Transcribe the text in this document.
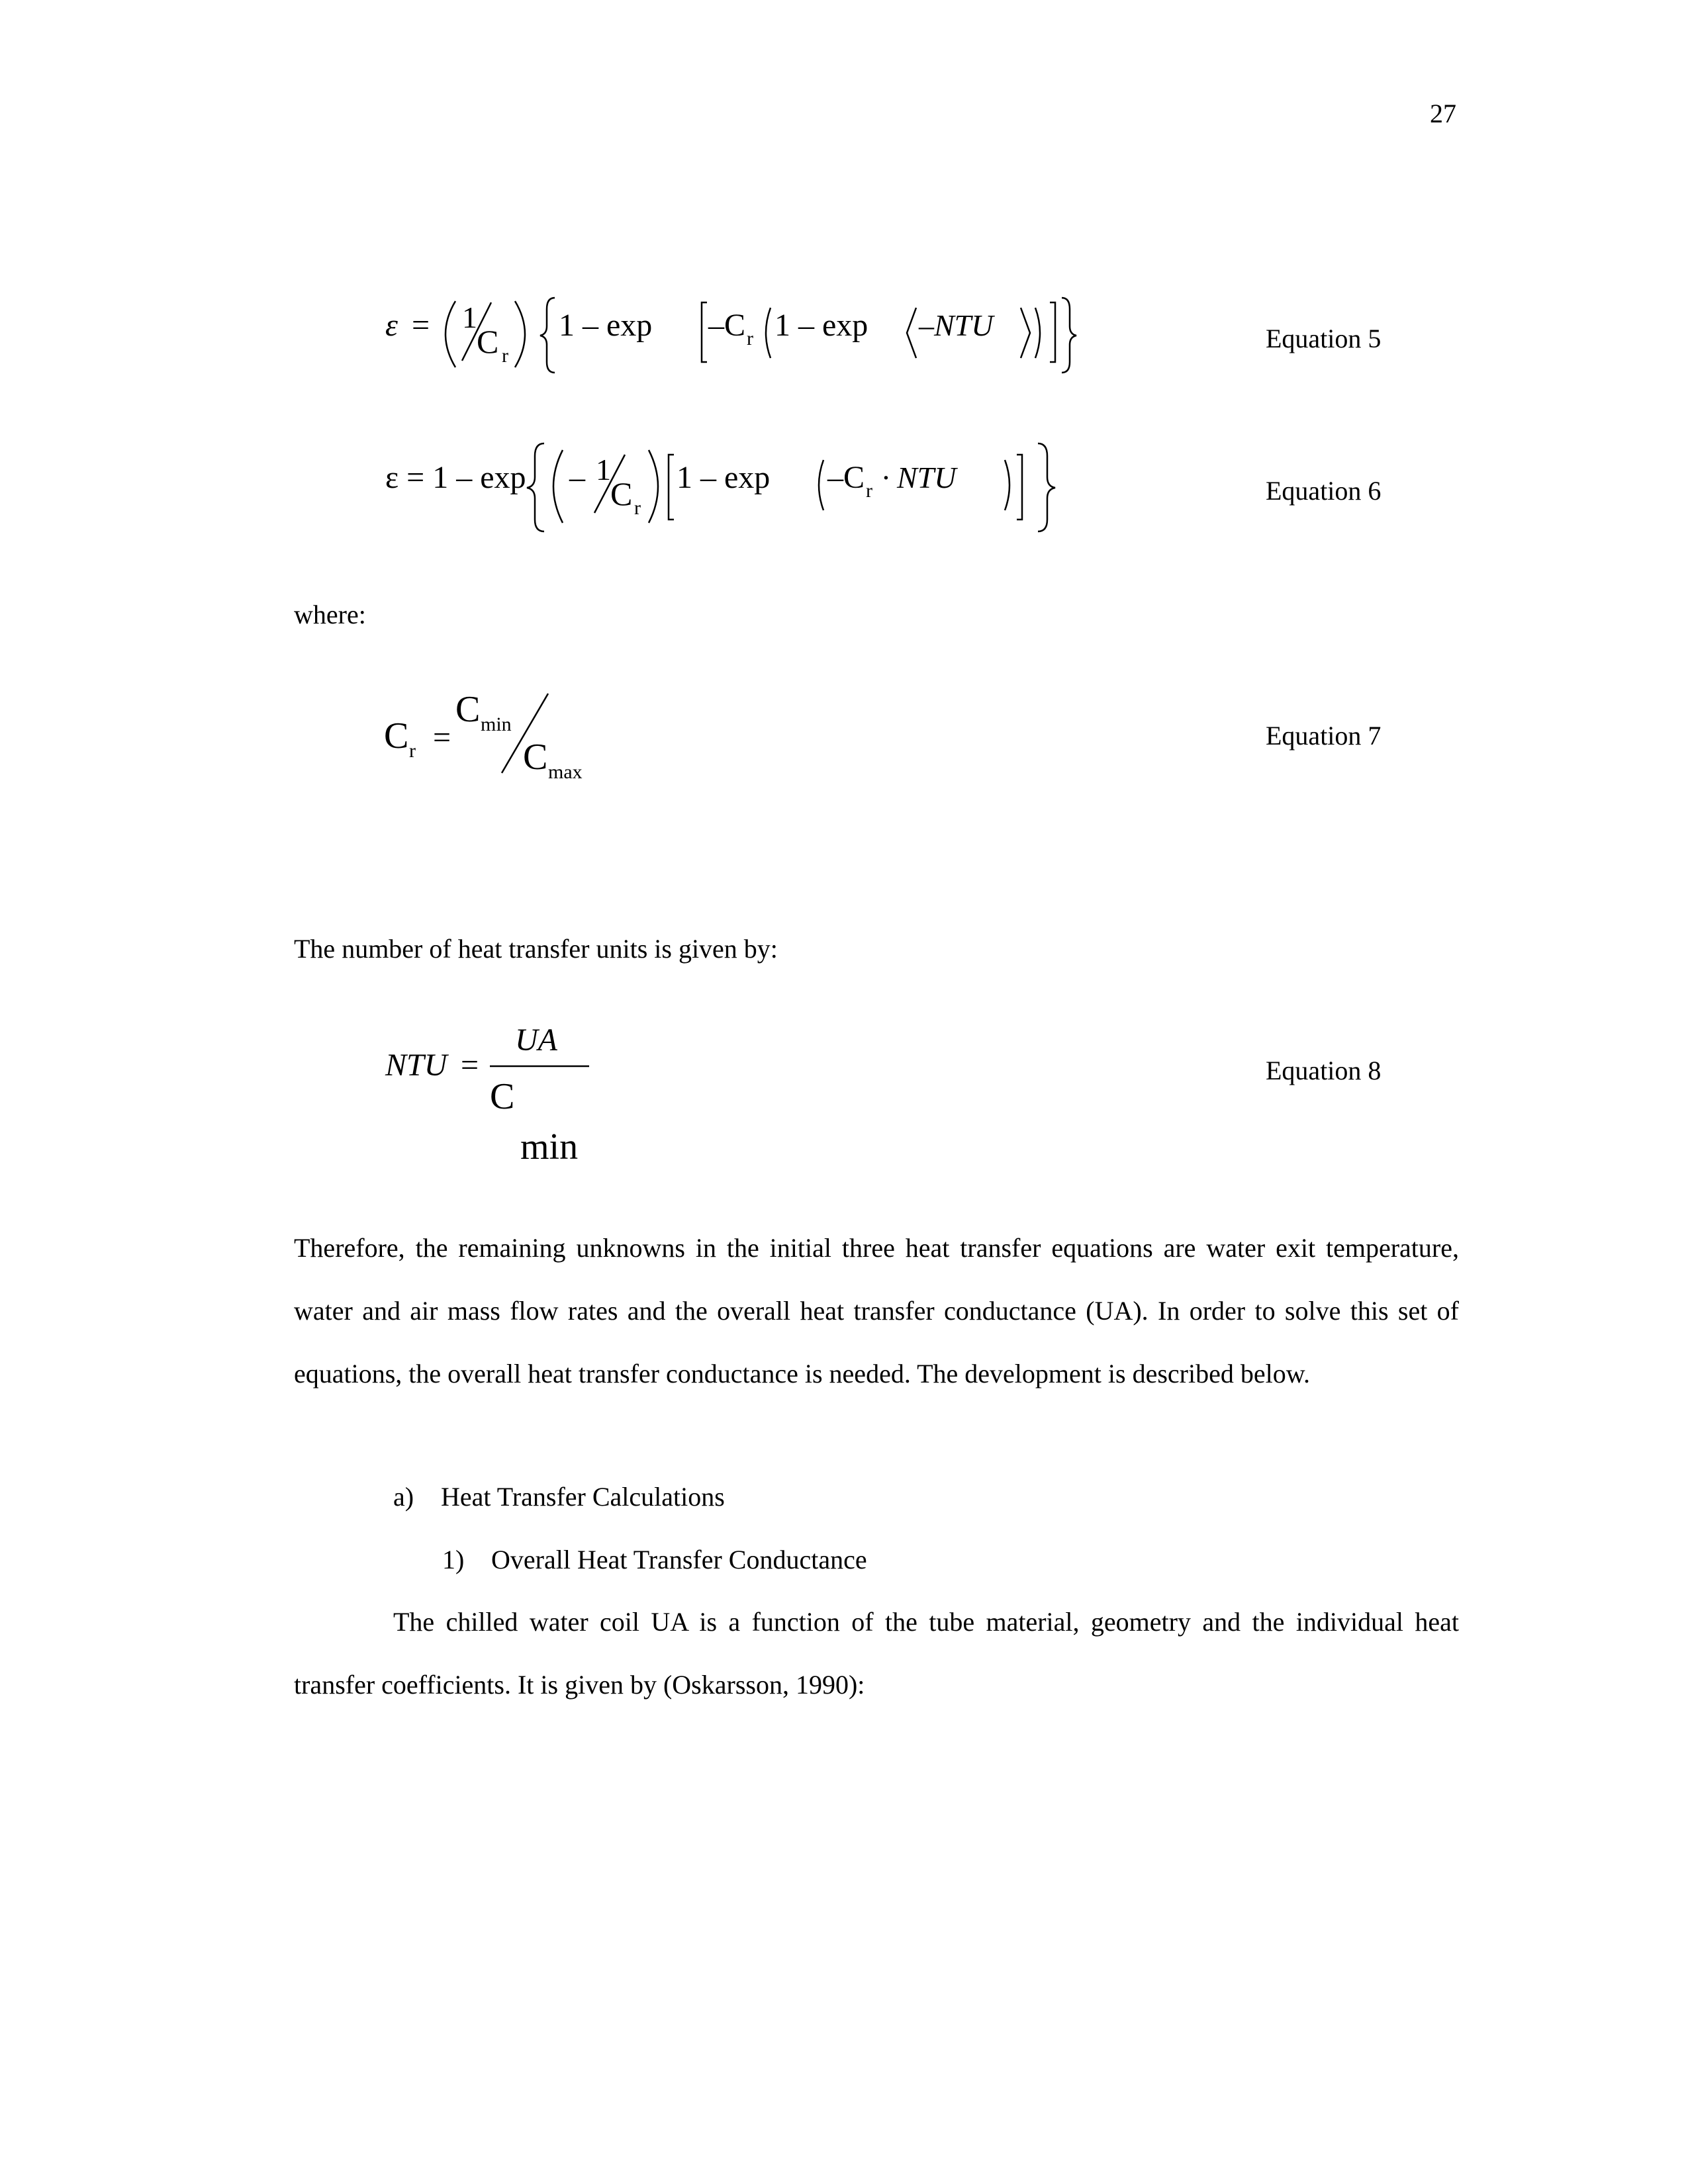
27
ε = 1
C r
1 – exp –C r 1 – exp –NTU	Equation 5
ε = 1 – exp – 1
C r
1 – exp –C r · NTU	Equation 6
where:
C r =
C min
C max
Equation 7
The number of heat transfer units is given by:
NTU =
UA
C
min
Equation 8

Therefore, the remaining unknowns in the initial three heat transfer equations are water exit temperature, water and air mass flow rates and the overall heat transfer conductance (UA). In order to solve this set of equations, the overall heat transfer conductance is needed. The development is described below.

a) Heat Transfer Calculations
1) Overall Heat Transfer Conductance

The chilled water coil UA is a function of the tube material, geometry and the individual heat transfer coefficients. It is given by (Oskarsson, 1990):
